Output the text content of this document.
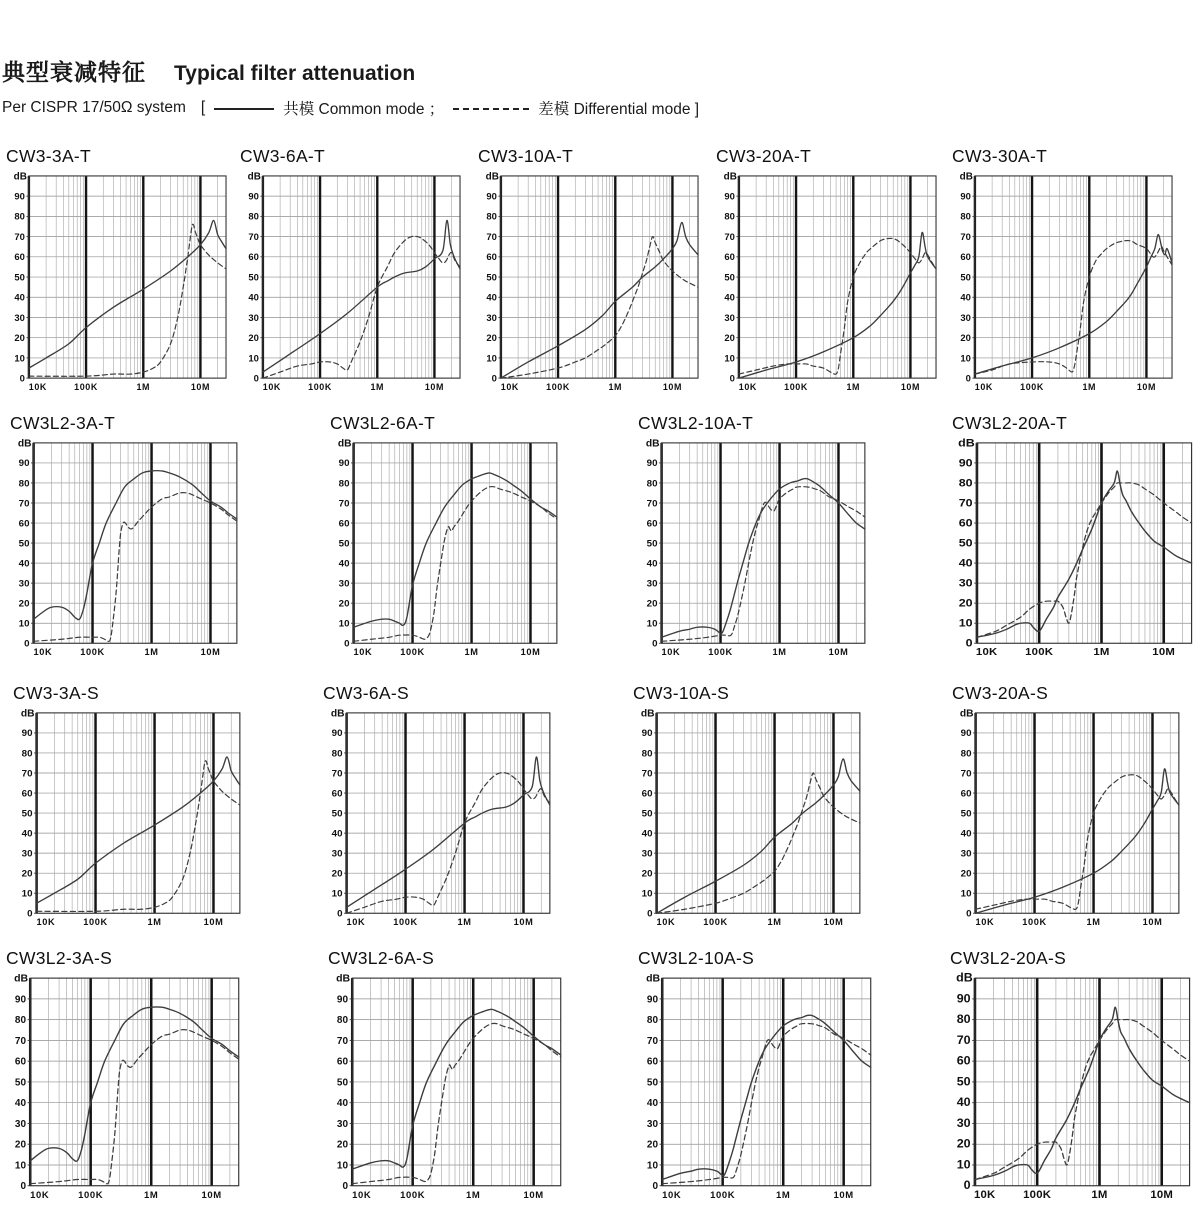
典型衰减特征 Typical filter attenuation
Per CISPR 17/50Ω system [	共模 Common mode ；	差模 Differential mode ]
CW3-3A-T
0
10
20
30
40
50
60
70
80
90
dB
10K	100K	1M	10M
CW3-6A-T
0
10
20
30
40
50
60
70
80
90
dB
10K	100K	1M	10M
CW3-10A-T
0
10
20
30
40
50
60
70
80
90
dB
10K	100K	1M	10M
CW3-20A-T
0
10
20
30
40
50
60
70
80
90
dB
10K	100K	1M	10M
CW3-30A-T
0
10
20
30
40
50
60
70
80
90
dB
10K	100K	1M	10M
CW3L2-3A-T
0
10
20
30
40
50
60
70
80
90
dB
10K	100K	1M	10M
CW3L2-6A-T
0
10
20
30
40
50
60
70
80
90
dB
10K	100K	1M	10M
CW3L2-10A-T
0
10
20
30
40
50
60
70
80
90
dB
10K	100K	1M	10M
CW3L2-20A-T
0
10
20
30
40
50
60
70
80
90
dB
10K	100K	1M	10M
CW3-3A-S
0
10
20
30
40
50
60
70
80
90
dB
10K	100K	1M	10M
CW3-6A-S
0
10
20
30
40
50
60
70
80
90
dB
10K	100K	1M	10M
CW3-10A-S
0
10
20
30
40
50
60
70
80
90
dB
10K	100K	1M	10M
CW3-20A-S
0
10
20
30
40
50
60
70
80
90
dB
10K	100K	1M	10M
CW3L2-3A-S
0
10
20
30
40
50
60
70
80
90
dB
10K	100K	1M	10M
CW3L2-6A-S
0
10
20
30
40
50
60
70
80
90
dB
10K	100K	1M	10M
CW3L2-10A-S
0
10
20
30
40
50
60
70
80
90
dB
10K	100K	1M	10M
CW3L2-20A-S
0
10
20
30
40
50
60
70
80
90
dB
10K	100K	1M	10M
